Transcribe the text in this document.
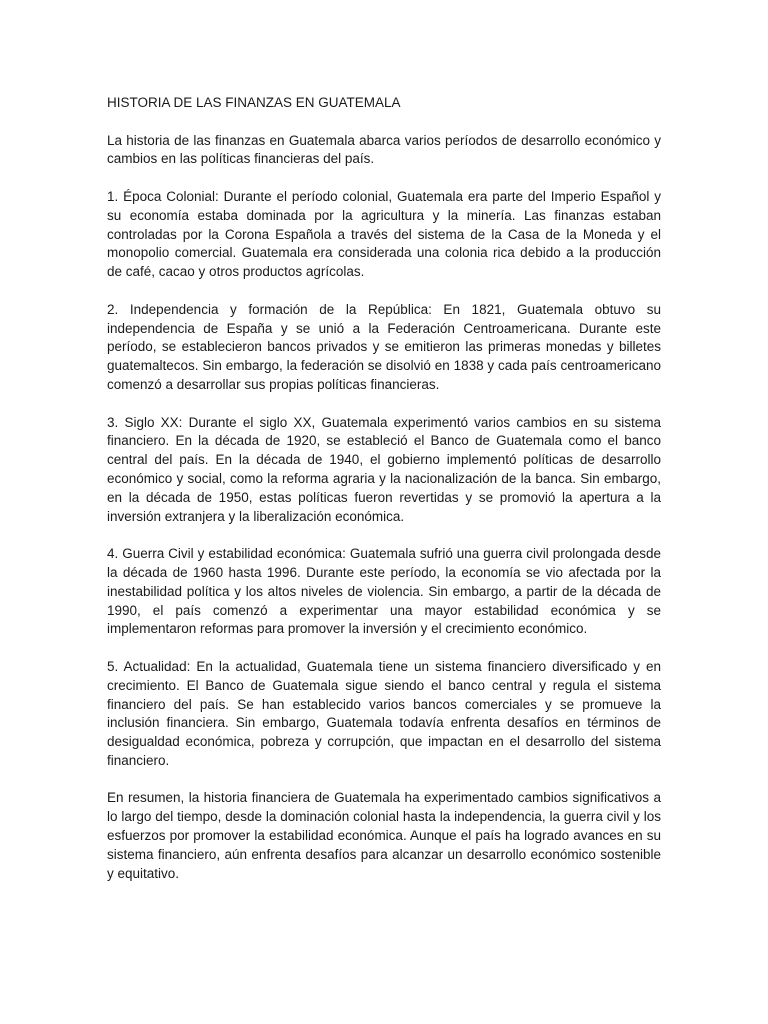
HISTORIA DE LAS FINANZAS EN GUATEMALA

La historia de las finanzas en Guatemala abarca varios períodos de desarrollo económico y cambios en las políticas financieras del país.

1. Época Colonial: Durante el período colonial, Guatemala era parte del Imperio Español y su economía estaba dominada por la agricultura y la minería. Las finanzas estaban controladas por la Corona Española a través del sistema de la Casa de la Moneda y el monopolio comercial. Guatemala era considerada una colonia rica debido a la producción de café, cacao y otros productos agrícolas.

2. Independencia y formación de la República: En 1821, Guatemala obtuvo su independencia de España y se unió a la Federación Centroamericana. Durante este período, se establecieron bancos privados y se emitieron las primeras monedas y billetes guatemaltecos. Sin embargo, la federación se disolvió en 1838 y cada país centroamericano comenzó a desarrollar sus propias políticas financieras.

3. Siglo XX: Durante el siglo XX, Guatemala experimentó varios cambios en su sistema financiero. En la década de 1920, se estableció el Banco de Guatemala como el banco central del país. En la década de 1940, el gobierno implementó políticas de desarrollo económico y social, como la reforma agraria y la nacionalización de la banca. Sin embargo, en la década de 1950, estas políticas fueron revertidas y se promovió la apertura a la inversión extranjera y la liberalización económica.

4. Guerra Civil y estabilidad económica: Guatemala sufrió una guerra civil prolongada desde la década de 1960 hasta 1996. Durante este período, la economía se vio afectada por la inestabilidad política y los altos niveles de violencia. Sin embargo, a partir de la década de 1990, el país comenzó a experimentar una mayor estabilidad económica y se implementaron reformas para promover la inversión y el crecimiento económico.

5. Actualidad: En la actualidad, Guatemala tiene un sistema financiero diversificado y en crecimiento. El Banco de Guatemala sigue siendo el banco central y regula el sistema financiero del país. Se han establecido varios bancos comerciales y se promueve la inclusión financiera. Sin embargo, Guatemala todavía enfrenta desafíos en términos de desigualdad económica, pobreza y corrupción, que impactan en el desarrollo del sistema financiero.

En resumen, la historia financiera de Guatemala ha experimentado cambios significativos a lo largo del tiempo, desde la dominación colonial hasta la independencia, la guerra civil y los esfuerzos por promover la estabilidad económica. Aunque el país ha logrado avances en su sistema financiero, aún enfrenta desafíos para alcanzar un desarrollo económico sostenible y equitativo.
